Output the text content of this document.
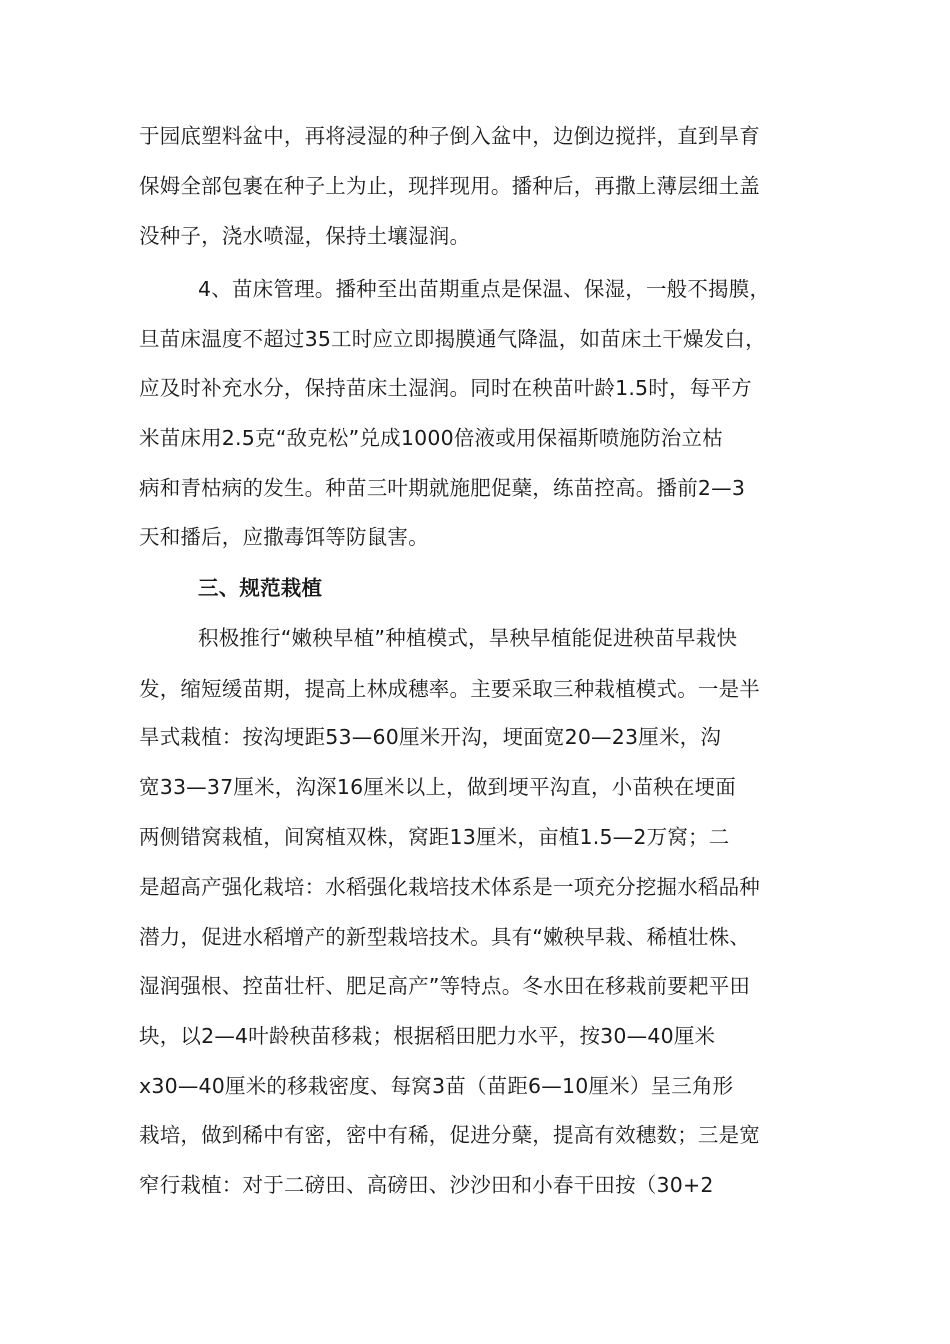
于园底塑料盆中，再将浸湿的种子倒入盆中，边倒边搅拌，直到旱育
保姆全部包裹在种子上为止，现拌现用。播种后，再撒上薄层细土盖
没种子，浇水喷湿，保持土壤湿润。
4、苗床管理。播种至出苗期重点是保温、保湿，一般不揭膜，
旦苗床温度不超过35工时应立即揭膜通气降温，如苗床土干燥发白，
应及时补充水分，保持苗床土湿润。同时在秧苗叶龄1.5时，每平方
米苗床用2.5克“敌克松”兑成1000倍液或用保福斯喷施防治立枯
病和青枯病的发生。种苗三叶期就施肥促蘖，练苗控高。播前2—3
天和播后，应撒毒饵等防鼠害。
三、规范栽植
积极推行“嫩秧早植”种植模式，旱秧早植能促进秧苗早栽快
发，缩短缓苗期，提高上林成穗率。主要采取三种栽植模式。一是半
旱式栽植：按沟埂距53—60厘米开沟，埂面宽20—23厘米，沟
宽33—37厘米，沟深16厘米以上，做到埂平沟直，小苗秧在埂面
两侧错窝栽植，间窝植双株，窝距13厘米，亩植1.5—2万窝；二
是超高产强化栽培：水稻强化栽培技术体系是一项充分挖掘水稻品种
潜力，促进水稻增产的新型栽培技术。具有“嫩秧早栽、稀植壮株、
湿润强根、控苗壮杆、肥足高产”等特点。冬水田在移栽前要耙平田
块，以2—4叶龄秧苗移栽；根据稻田肥力水平，按30—40厘米
x30—40厘米的移栽密度、每窝3苗（苗距6—10厘米）呈三角形
栽培，做到稀中有密，密中有稀，促进分蘖，提高有效穗数；三是宽
窄行栽植：对于二磅田、高磅田、沙沙田和小春干田按（30+2
